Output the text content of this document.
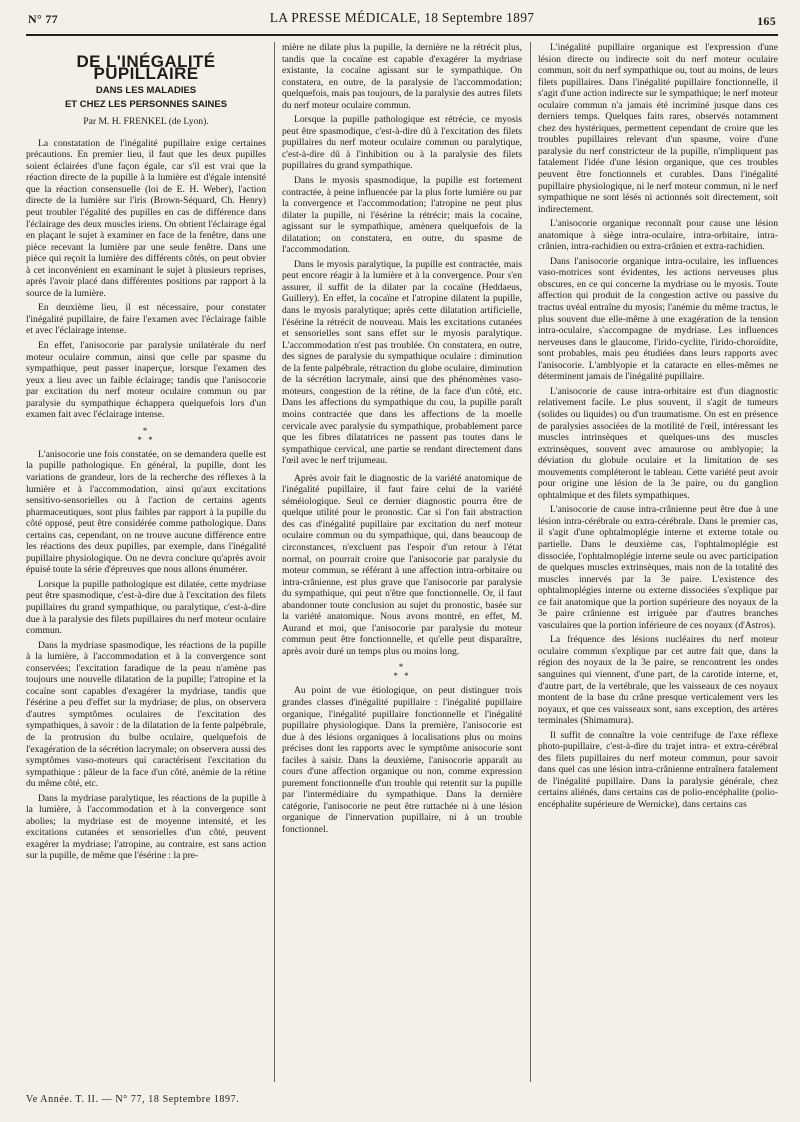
N° 77	LA PRESSE MÉDICALE, 18 Septembre 1897	165
DE L'INÉGALITÉ PUPILLAIRE
DANS LES MALADIES
ET CHEZ LES PERSONNES SAINES
Par M. H. FRENKEL (de Lyon).

La constatation de l'inégalité pupillaire exige certaines précautions. En premier lieu, il faut que les deux pupilles soient éclairées d'une façon égale, car s'il est vrai que la réaction directe de la pupille à la lumière est d'égale intensité que la réaction consensuelle (loi de E. H. Weber), l'action directe de la lumière sur l'iris (Brown-Séquard, Ch. Henry) peut troubler l'égalité des pupilles en cas de différence dans l'éclairage des deux muscles iriens. On obtient l'éclairage égal en plaçant le sujet à examiner en face de la fenêtre, dans une pièce recevant la lumière par une seule fenêtre. Dans une pièce qui reçoit la lumière des différents côtés, on peut obvier à cet inconvénient en examinant le sujet à plusieurs reprises, après l'avoir placé dans différentes positions par rapport à la source de la lumière.

En deuxième lieu, il est nécessaire, pour constater l'inégalité pupillaire, de faire l'examen avec l'éclairage faible et avec l'éclairage intense.

En effet, l'anisocorie par paralysie unilatérale du nerf moteur oculaire commun, ainsi que celle par spasme du sympathique, peut passer inaperçue, lorsque l'examen des yeux a lieu avec un faible éclairage; tandis que l'anisocorie par excitation du nerf moteur oculaire commun ou par paralysie du sympathique échappera quelquefois lors d'un examen fait avec l'éclairage intense.

*
* *

L'anisocorie une fois constatée, on se demandera quelle est la pupille pathologique. En général, la pupille, dont les variations de grandeur, lors de la recherche des réflexes à la lumière et à l'accommodation, ainsi qu'aux excitations sensitivo-sensorielles ou à l'action de certains agents pharmaceutiques, sont plus faibles par rapport à la pupille du côté opposé, peut être considérée comme pathologique. Dans certains cas, cependant, on ne trouve aucune différence entre les réactions des deux pupilles, par exemple, dans l'inégalité pupillaire physiologique. On ne devra conclure qu'après avoir épuisé toute la série d'épreuves que nous allons énumérer.

Lorsque la pupille pathologique est dilatée, cette mydriase peut être spasmodique, c'est-à-dire due à l'excitation des filets pupillaires du grand sympathique, ou paralytique, c'est-à-dire due à la paralysie des filets pupillaires du nerf moteur oculaire commun.

Dans la mydriase spasmodique, les réactions de la pupille à la lumière, à l'accommodation et à la convergence sont conservées; l'excitation faradique de la peau n'amène pas toujours une nouvelle dilatation de la pupille; l'atropine et la cocaïne sont capables d'exagérer la mydriase, tandis que l'ésérine a peu d'effet sur la mydriase; de plus, on observera d'autres symptômes oculaires de l'excitation des sympathiques, à savoir : de la dilatation de la fente palpébrale, de la protrusion du bulbe oculaire, quelquefois de l'exagération de la sécrétion lacrymale; on observera aussi des symptômes vaso-moteurs qui caractérisent l'excitation du sympathique : pâleur de la face d'un côté, anémie de la rétine du même côté, etc.

Dans la mydriase paralytique, les réactions de la pupille à la lumière, à l'accommodation et à la convergence sont abolies; la mydriase est de moyenne intensité, et les excitations cutanées et sensorielles d'un côté, peuvent exagérer la mydriase; l'atropine, au contraire, est sans action sur la pupille, de même que l'ésérine : la pre-

mière ne dilate plus la pupille, la dernière ne la rétrécit plus, tandis que la cocaïne est capable d'exagérer la mydriase existante, la cocaïne agissant sur le sympathique. On constatera, en outre, de la paralysie de l'accommodation; quelquefois, mais pas toujours, de la paralysie des autres filets du nerf moteur oculaire commun.

Lorsque la pupille pathologique est rétrécie, ce myosis peut être spasmodique, c'est-à-dire dû à l'excitation des filets pupillaires du nerf moteur oculaire commun ou paralytique, c'est-à-dire dû à l'inhibition ou à la paralysie des filets pupillaires du grand sympathique.

Dans le myosis spasmodique, la pupille est fortement contractée, à peine influencée par la plus forte lumière ou par la convergence et l'accommodation; l'atropine ne peut plus dilater la pupille, ni l'ésérine la rétrécir; mais la cocaïne, agissant sur le sympathique, amènera quelquefois de la dilatation; on constatera, en outre, du spasme de l'accommodation.

Dans le myosis paralytique, la pupille est contractée, mais peut encore réagir à la lumière et à la convergence. Pour s'en assurer, il suffit de la dilater par la cocaïne (Heddaeus, Guillery). En effet, la cocaïne et l'atropine dilatent la pupille, dans le myosis paralytique; après cette dilatation artificielle, l'ésérine la rétrécit de nouveau. Mais les excitations cutanées et sensorielles sont sans effet sur le myosis paralytique. L'accommodation n'est pas troublée. On constatera, en outre, des signes de paralysie du sympathique oculaire : diminution de la fente palpébrale, rétraction du globe oculaire, diminution de la sécrétion lacrymale, ainsi que des phénomènes vaso-moteurs, congestion de la rétine, de la face d'un côté, etc. Dans les affections du sympathique du cou, la pupille paraît moins contractée que dans les affections de la moelle cervicale avec paralysie du sympathique, probablement parce que les fibres dilatatrices ne passent pas toutes dans le sympathique cervical, une partie se rendant directement dans l'œil avec le nerf trijumeau.

Après avoir fait le diagnostic de la variété anatomique de l'inégalité pupillaire, il faut faire celui de la variété séméiologique. Seul ce dernier diagnostic pourra être de quelque utilité pour le pronostic. Car si l'on fait abstraction des cas d'inégalité pupillaire par excitation du nerf moteur oculaire commun ou du sympathique, qui, dans beaucoup de circonstances, n'excluent pas l'espoir d'un retour à l'état normal, on pourrait croire que l'anisocorie par paralysie du moteur commun, se référant à une affection intra-orbitaire ou intra-crânienne, est plus grave que l'anisocorie par paralysie du sympathique, qui peut n'être que fonctionnelle. Or, il faut abandonner toute conclusion au sujet du pronostic, basée sur la variété anatomique. Nous avons montré, en effet, M. Aurand et moi, que l'anisocorie par paralysie du moteur commun peut être fonctionnelle, et qu'elle peut disparaître, après avoir duré un temps plus ou moins long.

*
* *

Au point de vue étiologique, on peut distinguer trois grandes classes d'inégalité pupillaire : l'inégalité pupillaire organique, l'inégalité pupillaire fonctionnelle et l'inégalité pupillaire physiologique. Dans la première, l'anisocorie est due à des lésions organiques à localisations plus ou moins précises dont les rapports avec le symptôme anisocorie sont faciles à saisir. Dans la deuxième, l'anisocorie apparaît au cours d'une affection organique ou non, comme expression purement fonctionnelle d'un trouble qui retentit sur la pupille par l'intermédiaire du sympathique. Dans la dernière catégorie, l'anisocorie ne peut être rattachée ni à une lésion organique de l'innervation pupillaire, ni à un trouble fonctionnel.

L'inégalité pupillaire organique est l'expression d'une lésion directe ou indirecte soit du nerf moteur oculaire commun, soit du nerf sympathique ou, tout au moins, de leurs filets pupillaires. Dans l'inégalité pupillaire fonctionnelle, il s'agit d'une action indirecte sur le sympathique; le nerf moteur oculaire commun n'a jamais été incriminé jusque dans ces derniers temps. Quelques faits rares, observés notamment chez des hystériques, permettent cependant de croire que les troubles pupillaires relevant d'un spasme, voire d'une paralysie du nerf constricteur de la pupille, n'impliquent pas fatalement l'idée d'une lésion organique, que ces troubles peuvent être fonctionnels et curables. Dans l'inégalité pupillaire physiologique, ni le nerf moteur commun, ni le nerf sympathique ne sont lésés ni actionnés soit directement, soit indirectement.

L'anisocorie organique reconnaît pour cause une lésion anatomique à siège intra-oculaire, intra-orbitaire, intra-crânien, intra-rachidien ou extra-crânien et extra-rachidien.

Dans l'anisocorie organique intra-oculaire, les influences vaso-motrices sont évidentes, les actions nerveuses plus obscures, en ce qui concerne la mydriase ou le myosis. Toute affection qui produit de la congestion active ou passive du tractus uvéal entraîne du myosis; l'anémie du même tractus, le plus souvent due elle-même à une exagération de la tension intra-oculaire, s'accompagne de mydriase. Les influences nerveuses dans le glaucome, l'irido-cyclite, l'irido-choroïdite, sont probables, mais peu étudiées dans leurs rapports avec l'anisocorie. L'amblyopie et la cataracte en elles-mêmes ne déterminent jamais de l'inégalité pupillaire.

L'anisocorie de cause intra-orbitaire est d'un diagnostic relativement facile. Le plus souvent, il s'agit de tumeurs (solides ou liquides) ou d'un traumatisme. On est en présence de paralysies associées de la motilité de l'œil, intéressant les muscles intrinsèques et quelques-uns des muscles extrinsèques, souvent avec amaurose ou amblyopie; la déviation du globule oculaire et la limitation de ses mouvements compléteront le tableau. Cette variété peut avoir pour origine une lésion de la 3e paire, ou du ganglion ophtalmique et des filets sympathiques.

L'anisocorie de cause intra-crânienne peut être due à une lésion intra-cérébrale ou extra-cérébrale. Dans le premier cas, il s'agit d'une ophtalmoplégie interne et externe totale ou partielle. Dans le deuxième cas, l'ophtalmoplégie est dissociée, l'ophtalmoplégie interne seule ou avec participation de quelques muscles extrinsèques, mais non de la totalité des muscles innervés par la 3e paire. L'existence des ophtalmoplégies interne ou externe dissociées s'explique par ce fait anatomique que la portion supérieure des noyaux de la 3e paire crânienne est irriguée par d'autres branches vasculaires que la portion inférieure de ces noyaux (d'Astros).

La fréquence des lésions nucléaires du nerf moteur oculaire commun s'explique par cet autre fait que, dans la région des noyaux de la 3e paire, se rencontrent les ondes sanguines qui viennent, d'une part, de la carotide interne, et, d'autre part, de la vertébrale, que les vaisseaux de ces noyaux montent de la base du crâne presque verticalement vers les noyaux, et que ces vaisseaux sont, sans exception, des artères terminales (Shimamura).

Il suffit de connaître la voie centrifuge de l'axe réflexe photo-pupillaire, c'est-à-dire du trajet intra- et extra-cérébral des filets pupillaires du nerf moteur commun, pour savoir dans quel cas une lésion intra-crânienne entraînera fatalement de l'inégalité pupillaire. Dans la paralysie générale, chez certains aliénés, dans certains cas de polio-encéphalite (polio-encéphalite supérieure de Wernicke), dans certains cas

Ve Année. T. II. — N° 77, 18 Septembre 1897.
